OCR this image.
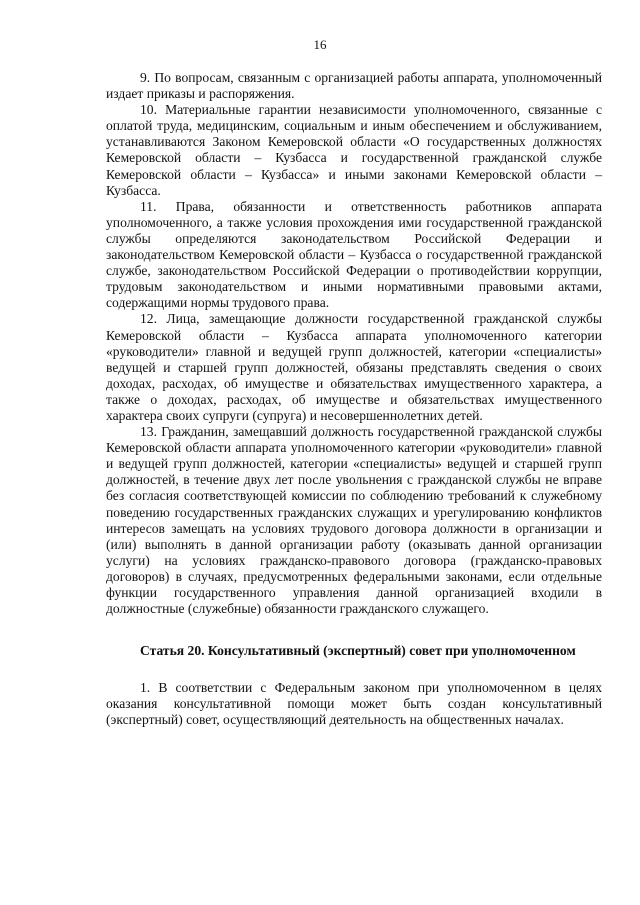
16

9. По вопросам, связанным с организацией работы аппарата, уполномоченный издает приказы и распоряжения.

10. Материальные гарантии независимости уполномоченного, связанные с оплатой труда, медицинским, социальным и иным обеспечением и обслуживанием, устанавливаются Законом Кемеровской области «О государственных должностях Кемеровской области – Кузбасса и государственной гражданской службе Кемеровской области – Кузбасса» и иными законами Кемеровской области – Кузбасса.

11. Права, обязанности и ответственность работников аппарата уполномоченного, а также условия прохождения ими государственной гражданской службы определяются законодательством Российской Федерации и законодательством Кемеровской области – Кузбасса о государственной гражданской службе, законодательством Российской Федерации о противодействии коррупции, трудовым законодательством и иными нормативными правовыми актами, содержащими нормы трудового права.

12. Лица, замещающие должности государственной гражданской службы Кемеровской области – Кузбасса аппарата уполномоченного категории «руководители» главной и ведущей групп должностей, категории «специалисты» ведущей и старшей групп должностей, обязаны представлять сведения о своих доходах, расходах, об имуществе и обязательствах имущественного характера, а также о доходах, расходах, об имуществе и обязательствах имущественного характера своих супруги (супруга) и несовершеннолетних детей.

13. Гражданин, замещавший должность государственной гражданской службы Кемеровской области аппарата уполномоченного категории «руководители» главной и ведущей групп должностей, категории «специалисты» ведущей и старшей групп должностей, в течение двух лет после увольнения с гражданской службы не вправе без согласия соответствующей комиссии по соблюдению требований к служебному поведению государственных гражданских служащих и урегулированию конфликтов интересов замещать на условиях трудового договора должности в организации и (или) выполнять в данной организации работу (оказывать данной организации услуги) на условиях гражданско-правового договора (гражданско-правовых договоров) в случаях, предусмотренных федеральными законами, если отдельные функции государственного управления данной организацией входили в должностные (служебные) обязанности гражданского служащего.

Статья 20. Консультативный (экспертный) совет при уполномоченном

1. В соответствии с Федеральным законом при уполномоченном в целях оказания консультативной помощи может быть создан консультативный (экспертный) совет, осуществляющий деятельность на общественных началах.
